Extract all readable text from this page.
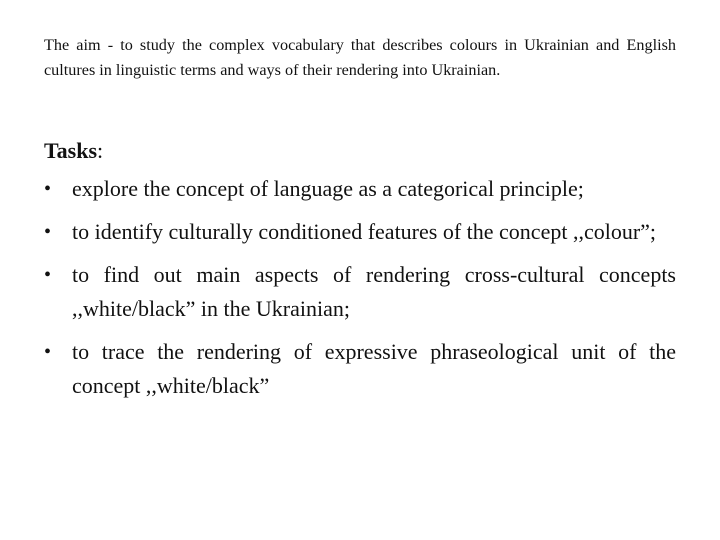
The aim - to study the complex vocabulary that describes colours in Ukrainian and English cultures in linguistic terms and ways of their rendering into Ukrainian.

Tasks:

• explore the concept of language as a categorical principle;
• to identify culturally conditioned features of the concept ,,colour”;
• to find out main aspects of rendering cross-cultural concepts ,,white/black” in the Ukrainian;
• to trace the rendering of expressive phraseological unit of the concept ,,white/black”
